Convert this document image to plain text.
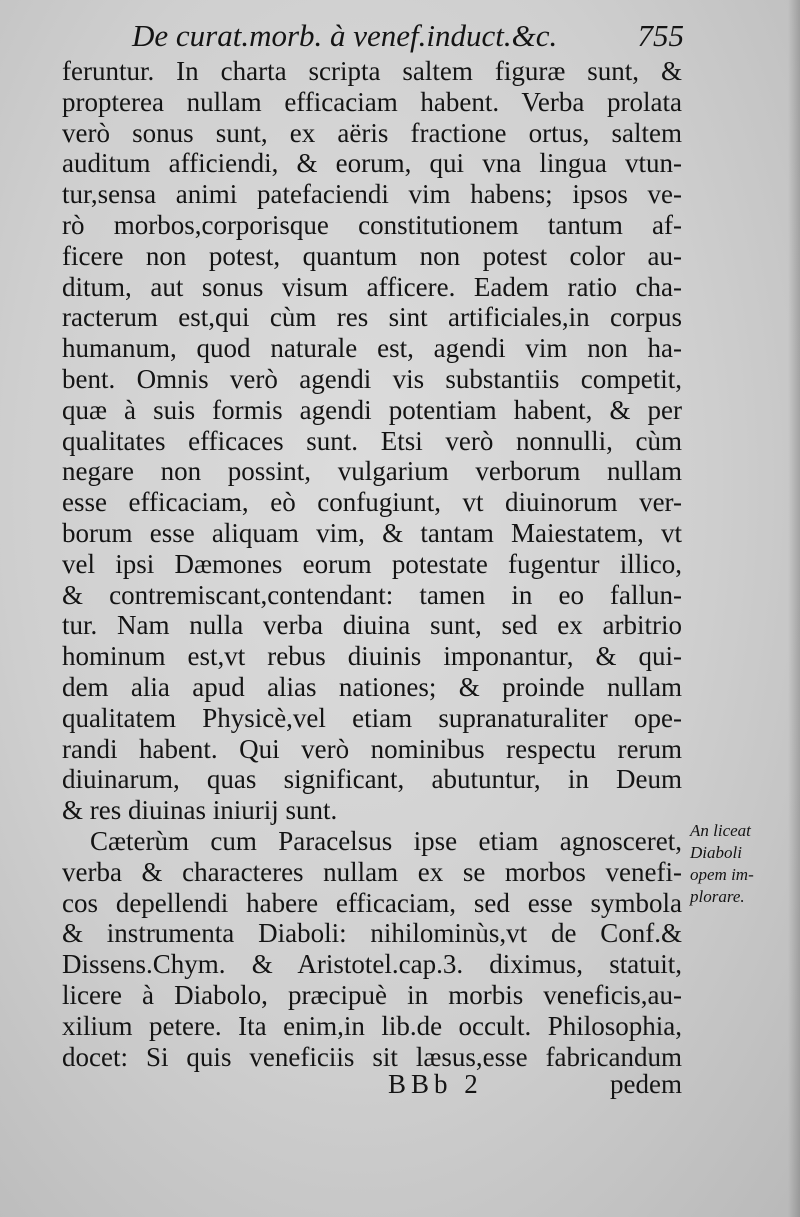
De curat.morb. à venef.induct.&c.	755
feruntur. In charta scripta saltem figuræ sunt, &
propterea nullam efficaciam habent. Verba prolata
verò sonus sunt, ex aëris fractione ortus, saltem
auditum afficiendi, & eorum, qui vna lingua vtun-
tur,sensa animi patefaciendi vim habens; ipsos ve-
rò morbos,corporisque constitutionem tantum af-
ficere non potest, quantum non potest color au-
ditum, aut sonus visum afficere. Eadem ratio cha-
racterum est,qui cùm res sint artificiales,in corpus
humanum, quod naturale est, agendi vim non ha-
bent. Omnis verò agendi vis substantiis competit,
quæ à suis formis agendi potentiam habent, & per
qualitates efficaces sunt. Etsi verò nonnulli, cùm
negare non possint, vulgarium verborum nullam
esse efficaciam, eò confugiunt, vt diuinorum ver-
borum esse aliquam vim, & tantam Maiestatem, vt
vel ipsi Dæmones eorum potestate fugentur illico,
& contremiscant,contendant: tamen in eo fallun-
tur. Nam nulla verba diuina sunt, sed ex arbitrio
hominum est,vt rebus diuinis imponantur, & qui-
dem alia apud alias nationes; & proinde nullam
qualitatem Physicè,vel etiam supranaturaliter ope-
randi habent. Qui verò nominibus respectu rerum
diuinarum, quas significant, abutuntur, in Deum
& res diuinas iniurij sunt.
Cæterùm cum Paracelsus ipse etiam agnosceret,
verba & characteres nullam ex se morbos venefi-
cos depellendi habere efficaciam, sed esse symbola
& instrumenta Diaboli: nihilominùs,vt de Conf.&
Dissens.Chym. & Aristotel.cap.3. diximus, statuit,
licere à Diabolo, præcipuè in morbis veneficis,au-
xilium petere. Ita enim,in lib.de occult. Philosophia,
docet: Si quis veneficiis sit læsus,esse fabricandum
An liceat
Diaboli
opem im-
plorare.
BBb 2	pedem
